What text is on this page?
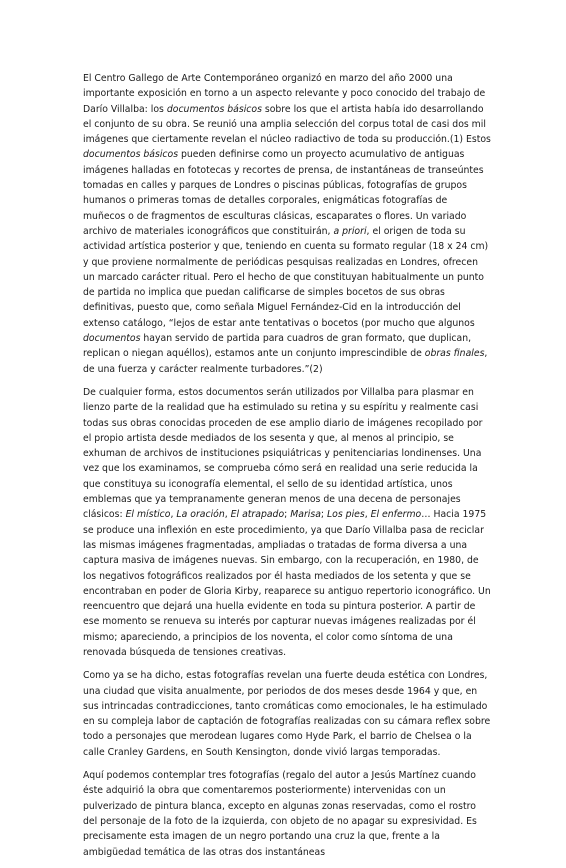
El Centro Gallego de Arte Contemporáneo organizó en marzo del año 2000 una importante exposición en torno a un aspecto relevante y poco conocido del trabajo de Darío Villalba: los documentos básicos sobre los que el artista había ido desarrollando el conjunto de su obra. Se reunió una amplia selección del corpus total de casi dos mil imágenes que ciertamente revelan el núcleo radiactivo de toda su producción.(1) Estos documentos básicos pueden definirse como un proyecto acumulativo de antiguas imágenes halladas en fototecas y recortes de prensa, de instantáneas de transeúntes tomadas en calles y parques de Londres o piscinas públicas, fotografías de grupos humanos o primeras tomas de detalles corporales, enigmáticas fotografías de muñecos o de fragmentos de esculturas clásicas, escaparates o flores. Un variado archivo de materiales iconográficos que constituirán, a priori, el origen de toda su actividad artística posterior y que, teniendo en cuenta su formato regular (18 x 24 cm) y que proviene normalmente de periódicas pesquisas realizadas en Londres, ofrecen un marcado carácter ritual. Pero el hecho de que constituyan habitualmente un punto de partida no implica que puedan calificarse de simples bocetos de sus obras definitivas, puesto que, como señala Miguel Fernández-Cid en la introducción del extenso catálogo, “lejos de estar ante tentativas o bocetos (por mucho que algunos documentos hayan servido de partida para cuadros de gran formato, que duplican, replican o niegan aquéllos), estamos ante un conjunto imprescindible de obras finales, de una fuerza y carácter realmente turbadores.”(2)

De cualquier forma, estos documentos serán utilizados por Villalba para plasmar en lienzo parte de la realidad que ha estimulado su retina y su espíritu y realmente casi todas sus obras conocidas proceden de ese amplio diario de imágenes recopilado por el propio artista desde mediados de los sesenta y que, al menos al principio, se exhuman de archivos de instituciones psiquiátricas y penitenciarias londinenses. Una vez que los examinamos, se comprueba cómo será en realidad una serie reducida la que constituya su iconografía elemental, el sello de su identidad artística, unos emblemas que ya tempranamente generan menos de una decena de personajes clásicos: El místico, La oración, El atrapado; Marisa; Los pies, El enfermo… Hacia 1975 se produce una inflexión en este procedimiento, ya que Darío Villalba pasa de reciclar las mismas imágenes fragmentadas, ampliadas o tratadas de forma diversa a una captura masiva de imágenes nuevas. Sin embargo, con la recuperación, en 1980, de los negativos fotográficos realizados por él hasta mediados de los setenta y que se encontraban en poder de Gloria Kirby, reaparece su antiguo repertorio iconográfico. Un reencuentro que dejará una huella evidente en toda su pintura posterior. A partir de ese momento se renueva su interés por capturar nuevas imágenes realizadas por él mismo; apareciendo, a principios de los noventa, el color como síntoma de una renovada búsqueda de tensiones creativas.

Como ya se ha dicho, estas fotografías revelan una fuerte deuda estética con Londres, una ciudad que visita anualmente, por periodos de dos meses desde 1964 y que, en sus intrincadas contradicciones, tanto cromáticas como emocionales, le ha estimulado en su compleja labor de captación de fotografías realizadas con su cámara reflex sobre todo a personajes que merodean lugares como Hyde Park, el barrio de Chelsea o la calle Cranley Gardens, en South Kensington, donde vivió largas temporadas.

Aquí podemos contemplar tres fotografías (regalo del autor a Jesús Martínez cuando éste adquirió la obra que comentaremos posteriormente) intervenidas con un pulverizado de pintura blanca, excepto en algunas zonas reservadas, como el rostro del personaje de la foto de la izquierda, con objeto de no apagar su expresividad. Es precisamente esta imagen de un negro portando una cruz la que, frente a la ambigüedad temática de las otras dos instantáneas
